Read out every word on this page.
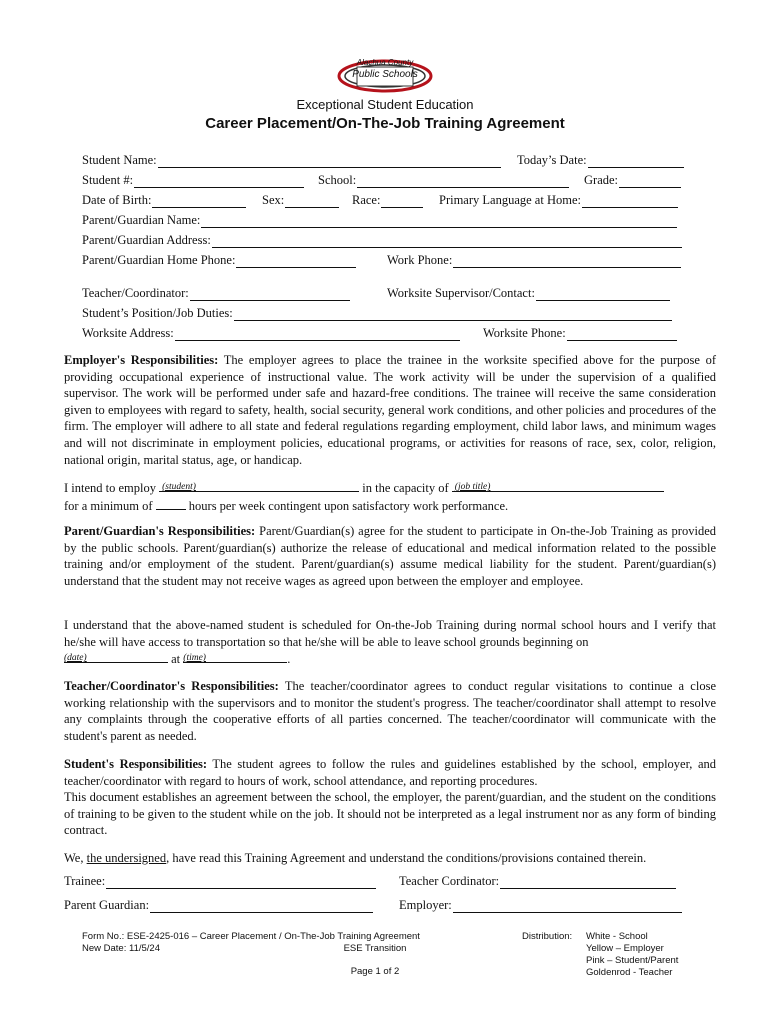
Alachua County
Public Schools
Exceptional Student Education
Career Placement/On-The-Job Training Agreement
Student Name:	Today’s Date:
Student #:	School:	Grade:
Date of Birth:	Sex:	Race:	Primary Language at Home:
Parent/Guardian Name:
Parent/Guardian Address:
Parent/Guardian Home Phone:	Work Phone:
Teacher/Coordinator:	Worksite Supervisor/Contact:
Student’s Position/Job Duties:
Worksite Address:	Worksite Phone:
Employer's Responsibilities: The employer agrees to place the trainee in the worksite specified above for the purpose of providing occupational experience of instructional value. The work activity will be under the supervision of a qualified supervisor. The work will be performed under safe and hazard-free conditions. The trainee will receive the same consideration given to employees with regard to safety, health, social security, general work conditions, and other policies and procedures of the firm. The employer will adhere to all state and federal regulations regarding employment, child labor laws, and minimum wages and will not discriminate in employment policies, educational programs, or activities for reasons of race, sex, color, religion, national origin, marital status, age, or handicap.
I intend to employ (student)	in the capacity of (job title)

for a minimum of  hours per week contingent upon satisfactory work performance.
Parent/Guardian's Responsibilities: Parent/Guardian(s) agree for the student to participate in On-the-Job Training as provided by the public schools. Parent/guardian(s) authorize the release of educational and medical information related to the possible training and/or employment of the student. Parent/guardian(s) assume medical liability for the student. Parent/guardian(s) understand that the student may not receive wages as agreed upon between the employer and employee.
I understand that the above-named student is scheduled for On-the-Job Training during normal school hours and I verify that he/she will have access to transportation so that he/she will be able to leave school grounds beginning on

(date)	at (time)	.
Teacher/Coordinator's Responsibilities: The teacher/coordinator agrees to conduct regular visitations to continue a close working relationship with the supervisors and to monitor the student's progress. The teacher/coordinator shall attempt to resolve any complaints through the cooperative efforts of all parties concerned. The teacher/coordinator will communicate with the student's parent as needed.
Student's Responsibilities: The student agrees to follow the rules and guidelines established by the school, employer, and teacher/coordinator with regard to hours of work, school attendance, and reporting procedures.
This document establishes an agreement between the school, the employer, the parent/guardian, and the student on the conditions of training to be given to the student while on the job. It should not be interpreted as a legal instrument nor as any form of binding contract.
We, the undersigned, have read this Training Agreement and understand the conditions/provisions contained therein.
Trainee:	Teacher Cordinator:
Parent Guardian:	Employer:
Form No.: ESE-2425-016 – Career Placement / On-The-Job Training Agreement
New Date: 11/5/24	ESE Transition
Page 1 of 2
Distribution: White - School
Yellow – Employer
Pink – Student/Parent
Goldenrod - Teacher
